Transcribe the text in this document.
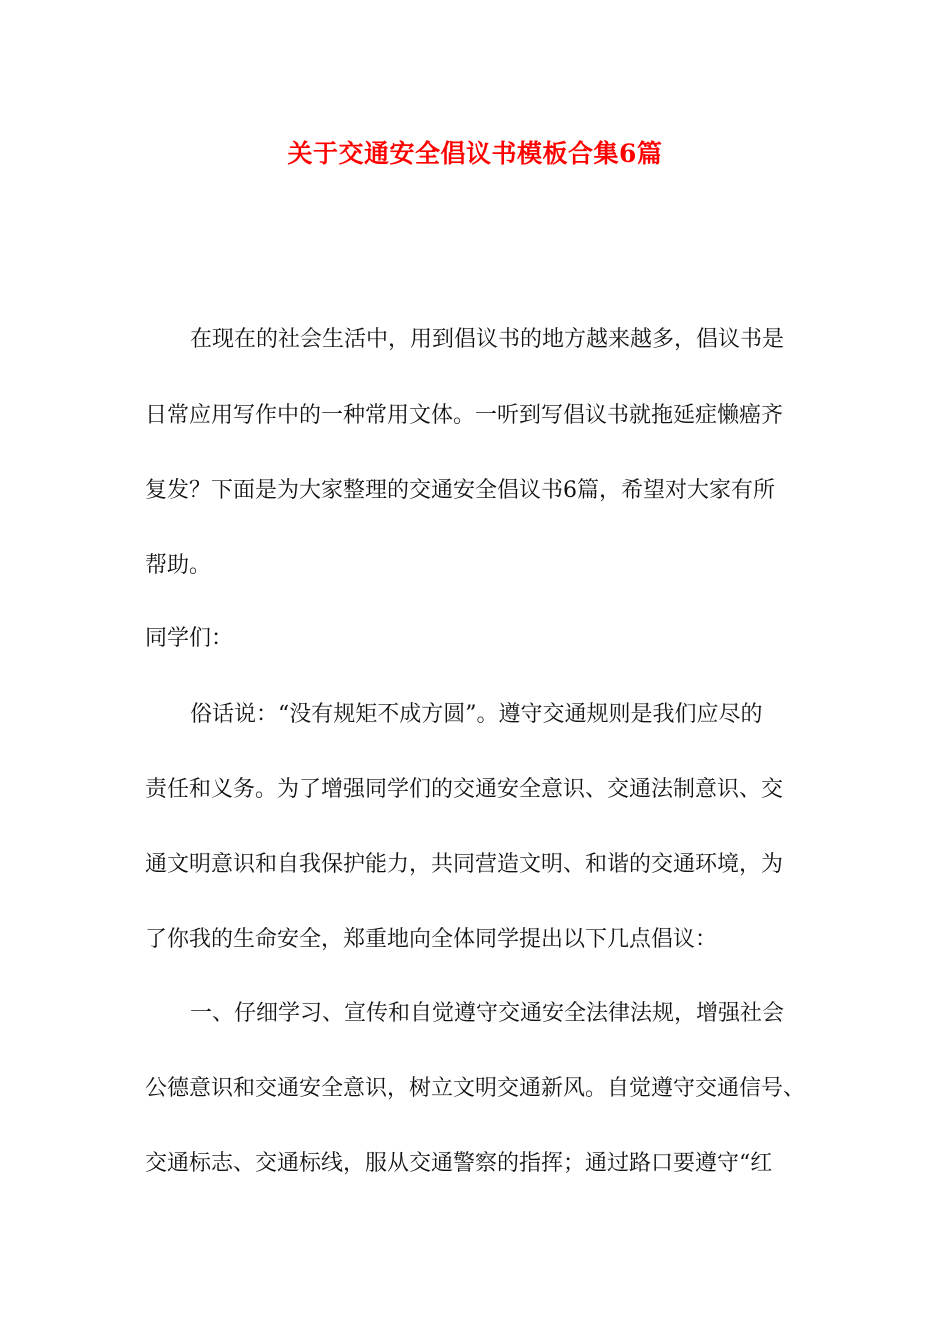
关于交通安全倡议书模板合集6篇

在现在的社会生活中，用到倡议书的地方越来越多，倡议书是

日常应用写作中的一种常用文体。一听到写倡议书就拖延症懒癌齐

复发？下面是为大家整理的交通安全倡议书6篇，希望对大家有所

帮助。

同学们：

俗话说：“没有规矩不成方圆”。遵守交通规则是我们应尽的

责任和义务。为了增强同学们的交通安全意识、交通法制意识、交

通文明意识和自我保护能力，共同营造文明、和谐的交通环境，为

了你我的生命安全，郑重地向全体同学提出以下几点倡议：

一、仔细学习、宣传和自觉遵守交通安全法律法规，增强社会

公德意识和交通安全意识，树立文明交通新风。自觉遵守交通信号、

交通标志、交通标线，服从交通警察的指挥；通过路口要遵守“红
